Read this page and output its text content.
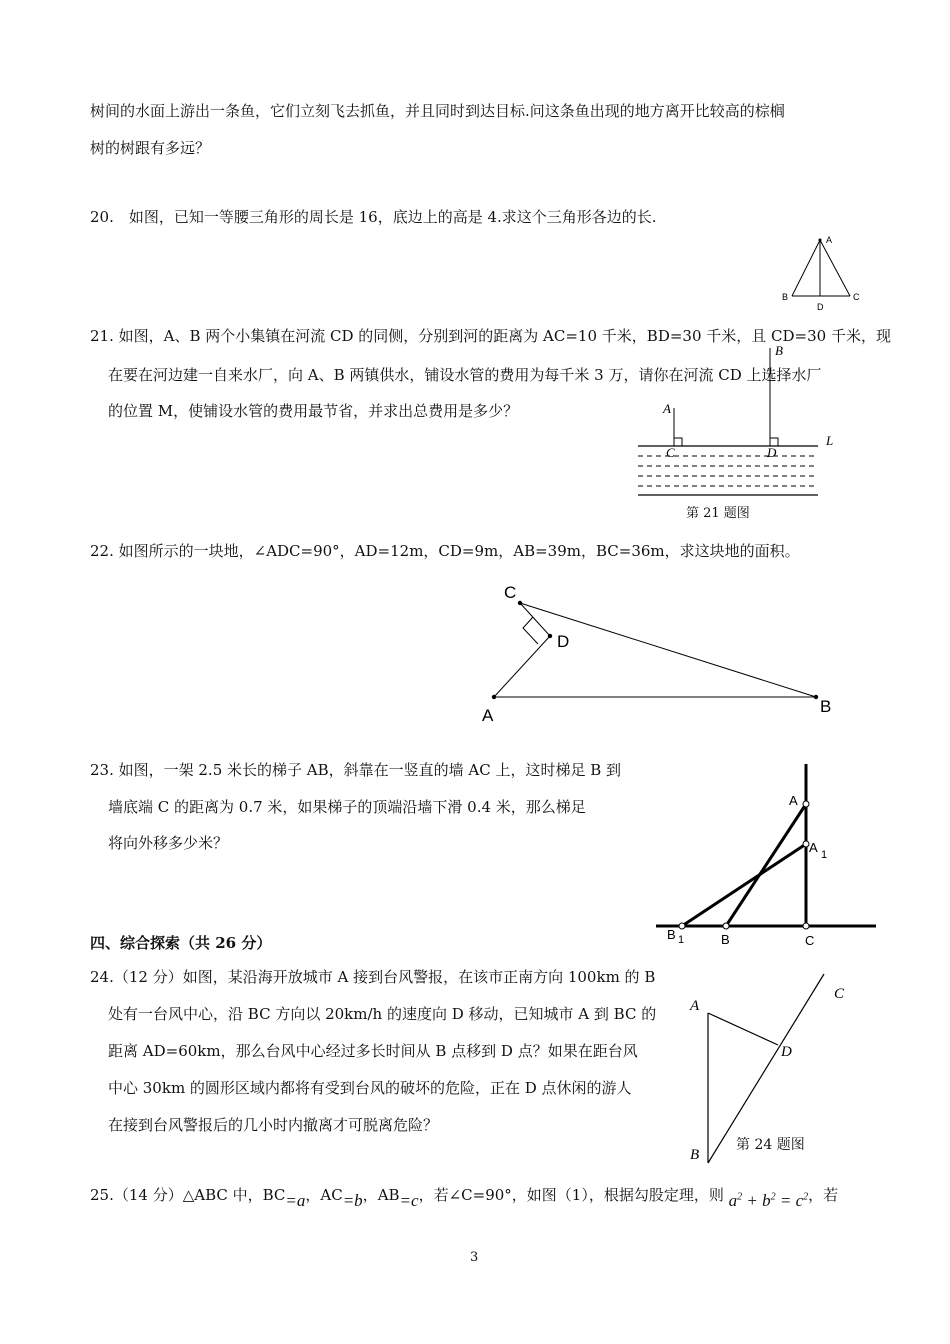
树间的水面上游出一条鱼，它们立刻飞去抓鱼，并且同时到达目标.问这条鱼出现的地方离开比较高的棕榈
树的树跟有多远？
20.　如图，已知一等腰三角形的周长是 16，底边上的高是 4.求这个三角形各边的长.
A
B	C
D
21. 如图，A、B 两个小集镇在河流 CD 的同侧，分别到河的距离为 AC=10 千米，BD=30 千米，且 CD=30 千米，现
在要在河边建一自来水厂，向 A、B 两镇供水，铺设水管的费用为每千米 3 万，请你在河流 CD 上选择水厂
的位置 M，使铺设水管的费用最节省，并求出总费用是多少？
B
A
C	D
L
第 21 题图
22. 如图所示的一块地，∠ADC=90°，AD=12m，CD=9m，AB=39m，BC=36m，求这块地的面积。
C
D
A	B
23. 如图，一架 2.5 米长的梯子 AB，斜靠在一竖直的墙 AC 上，这时梯足 B 到
墙底端 C 的距离为 0.7 米，如果梯子的顶端沿墙下滑 0.4 米，那么梯足
将向外移多少米？
A
A 1
B 1	B	C
四、综合探索（共 26 分）
24.（12 分）如图，某沿海开放城市 A 接到台风警报，在该市正南方向 100km 的 B
处有一台风中心，沿 BC 方向以 20km/h 的速度向 D 移动，已知城市 A 到 BC 的
距离 AD=60km，那么台风中心经过多长时间从 B 点移到 D 点？如果在距台风
中心 30km 的圆形区域内都将有受到台风的破坏的危险，正在 D 点休闲的游人
在接到台风警报后的几小时内撤离才可脱离危险？
A
B
C
D
第 24 题图
25.（14 分）△ABC 中，BC=a，AC=b，AB=c，若∠C=90°，如图（1），根据勾股定理，则 $a^2 + b^2 = c^2$，若
3
